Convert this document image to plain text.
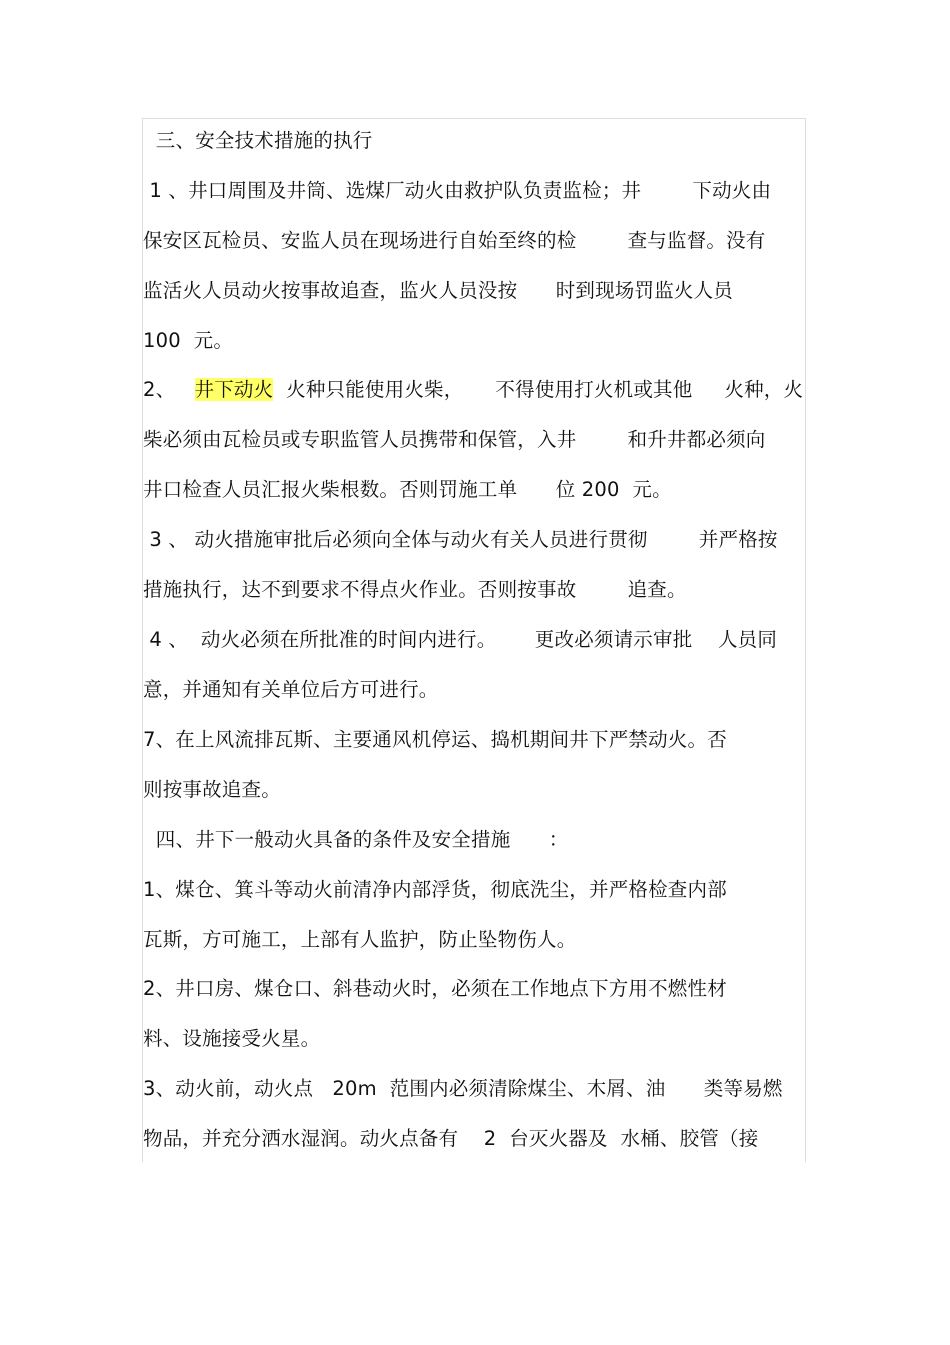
三、安全技术措施的执行
1 、井口周围及井筒、选煤厂动火由救护队负责监检；井        下动火由
保安区瓦检员、安监人员在现场进行自始至终的检        查与监督。没有
监活火人员动火按事故追查，监火人员没按      时到现场罚监火人员
100  元。
2、   井下动火  火种只能使用火柴，     不得使用打火机或其他     火种，火
柴必须由瓦检员或专职监管人员携带和保管，入井        和升井都必须向
井口检查人员汇报火柴根数。否则罚施工单      位 200  元。
3 、 动火措施审批后必须向全体与动火有关人员进行贯彻        并严格按
措施执行，达不到要求不得点火作业。否则按事故        追查。
4 、  动火必须在所批准的时间内进行。      更改必须请示审批    人员同
意，并通知有关单位后方可进行。
7、在上风流排瓦斯、主要通风机停运、捣机期间井下严禁动火。否
则按事故追查。
四、井下一般动火具备的条件及安全措施      ：
1、煤仓、箕斗等动火前清净内部浮货，彻底洗尘，并严格检查内部
瓦斯，方可施工，上部有人监护，防止坠物伤人。
2、井口房、煤仓口、斜巷动火时，必须在工作地点下方用不燃性材
料、设施接受火星。
3、动火前，动火点   20m  范围内必须清除煤尘、木屑、油      类等易燃
物品，并充分洒水湿润。动火点备有    2  台灭火器及  水桶、胶管（接
